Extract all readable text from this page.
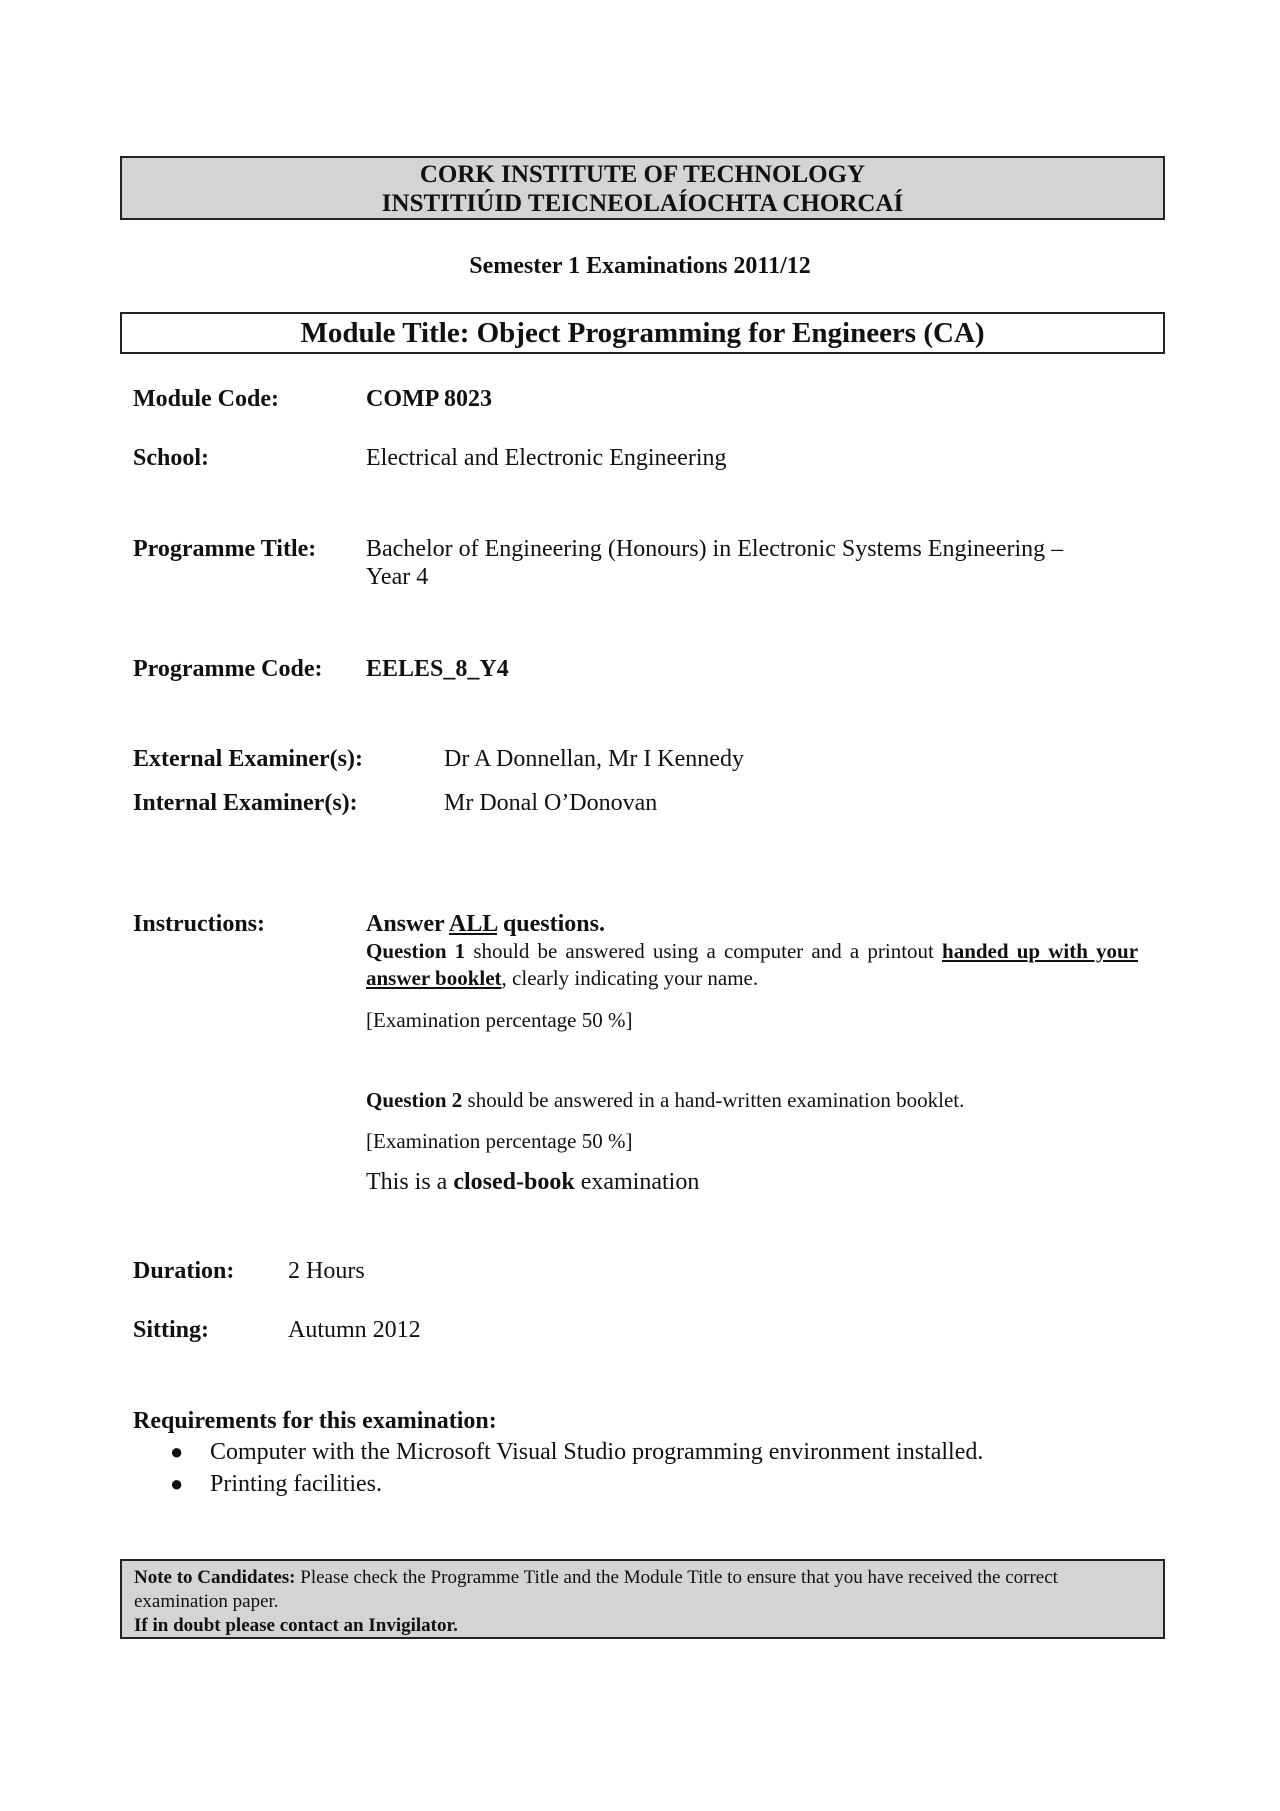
CORK INSTITUTE OF TECHNOLOGY
INSTITIÚID TEICNEOLAÍOCHTA CHORCAÍ
Semester 1 Examinations 2011/12
Module Title: Object Programming for Engineers (CA)
Module Code:	COMP 8023
School:	Electrical and Electronic Engineering
Programme Title: Bachelor of Engineering (Honours) in Electronic Systems Engineering –
Year 4
Programme Code: EELES_8_Y4
External Examiner(s):	Dr A Donnellan, Mr I Kennedy
Internal Examiner(s):	Mr Donal O’Donovan
Instructions:	Answer ALL questions.
Question 1 should be answered using a computer and a printout handed up with your answer booklet, clearly indicating your name.
[Examination percentage 50 %]
Question 2 should be answered in a hand-written examination booklet.
[Examination percentage 50 %]
This is a closed-book examination
Duration: 2 Hours
Sitting:	Autumn 2012
Requirements for this examination:
● Computer with the Microsoft Visual Studio programming environment installed.
● Printing facilities.
Note to Candidates: Please check the Programme Title and the Module Title to ensure that you have received the correct examination paper.
If in doubt please contact an Invigilator.
